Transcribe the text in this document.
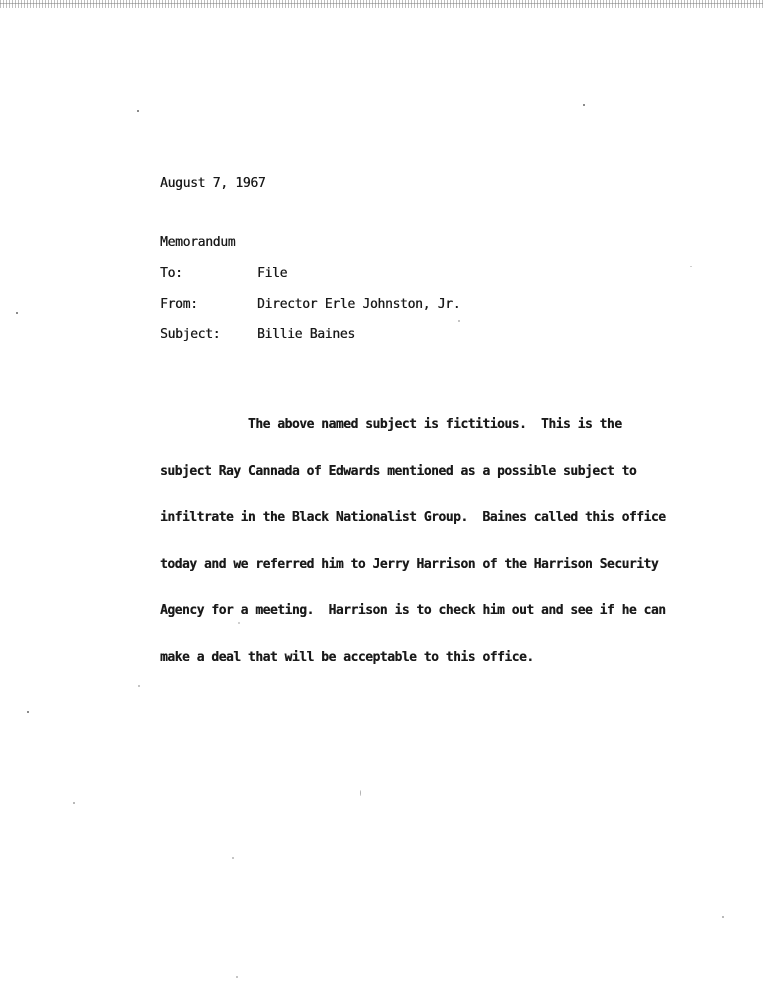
August 7, 1967
Memorandum
To:	File
From:	Director Erle Johnston, Jr.
Subject:	Billie Baines

The above named subject is fictitious.  This is the

subject Ray Cannada of Edwards mentioned as a possible subject to

infiltrate in the Black Nationalist Group.  Baines called this office

today and we referred him to Jerry Harrison of the Harrison Security

Agency for a meeting.  Harrison is to check him out and see if he can

make a deal that will be acceptable to this office.
